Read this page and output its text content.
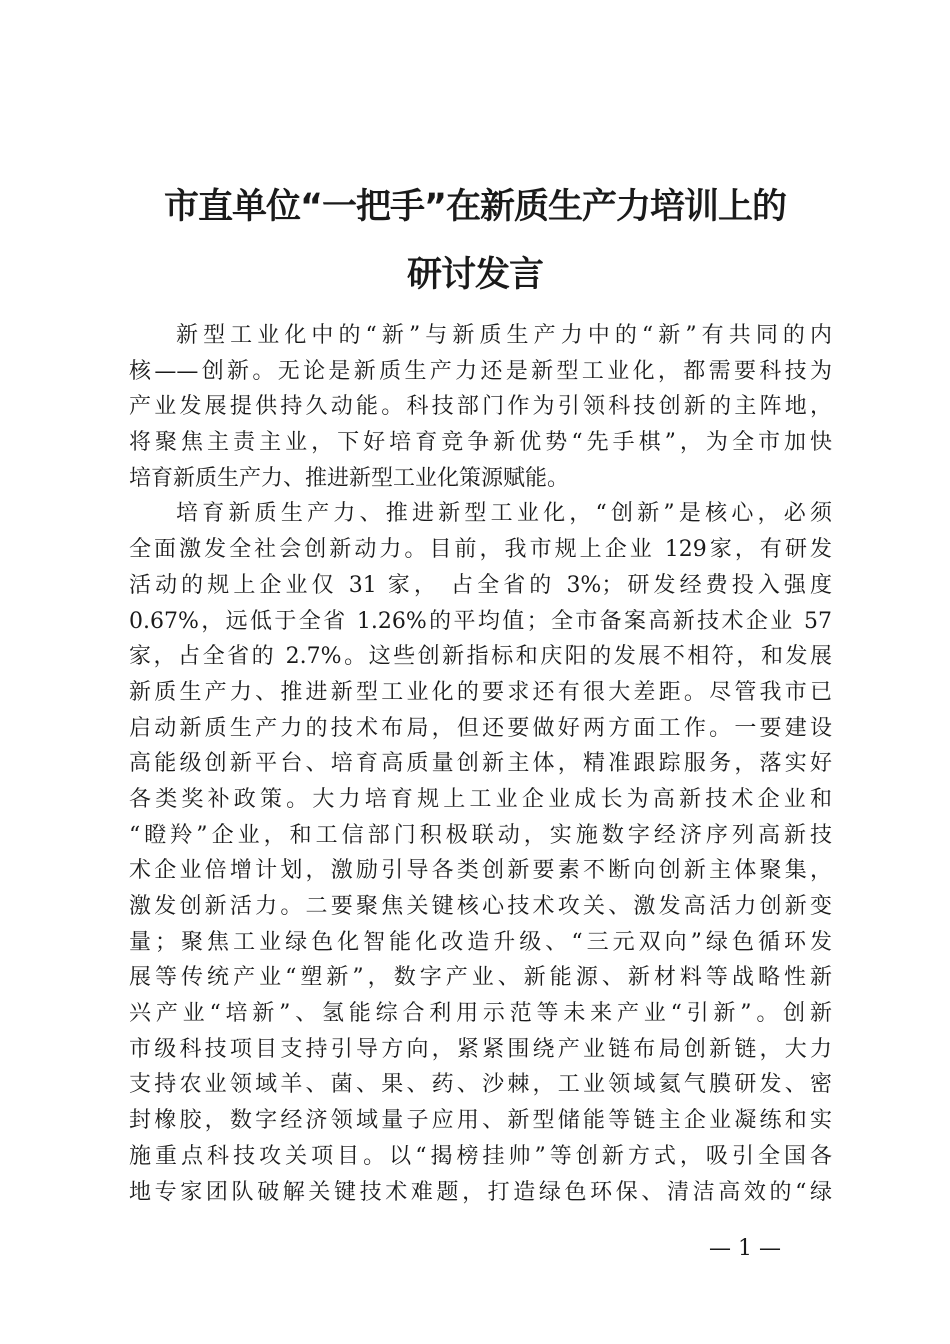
市直单位“一把手”在新质生产力培训上的
研讨发言
新型工业化中的“新”与新质生产力中的“新”有共同的内
核——创新。无论是新质生产力还是新型工业化，都需要科技为
产业发展提供持久动能。科技部门作为引领科技创新的主阵地，
将聚焦主责主业，下好培育竞争新优势“先手棋”，为全市加快
培育新质生产力、推进新型工业化策源赋能。
培育新质生产力、推进新型工业化，“创新”是核心，必须
全面激发全社会创新动力。目前，我市规上企业 129家，有研发
活动的规上企业仅 31 家， 占全省的 3%；研发经费投入强度
0.67%，远低于全省 1.26%的平均值；全市备案高新技术企业 57
家，占全省的 2.7%。这些创新指标和庆阳的发展不相符，和发展
新质生产力、推进新型工业化的要求还有很大差距。尽管我市已
启动新质生产力的技术布局，但还要做好两方面工作。一要建设
高能级创新平台、培育高质量创新主体，精准跟踪服务，落实好
各类奖补政策。大力培育规上工业企业成长为高新技术企业和
“瞪羚”企业，和工信部门积极联动，实施数字经济序列高新技
术企业倍增计划，激励引导各类创新要素不断向创新主体聚集，
激发创新活力。二要聚焦关键核心技术攻关、激发高活力创新变
量；聚焦工业绿色化智能化改造升级、“三元双向”绿色循环发
展等传统产业“塑新”，数字产业、新能源、新材料等战略性新
兴产业“培新”、氢能综合利用示范等未来产业“引新”。创新
市级科技项目支持引导方向，紧紧围绕产业链布局创新链，大力
支持农业领域羊、菌、果、药、沙棘，工业领域氦气膜研发、密
封橡胶，数字经济领域量子应用、新型储能等链主企业凝练和实
施重点科技攻关项目。以“揭榜挂帅”等创新方式，吸引全国各
地专家团队破解关键技术难题，打造绿色环保、清洁高效的“绿
— 1 —
